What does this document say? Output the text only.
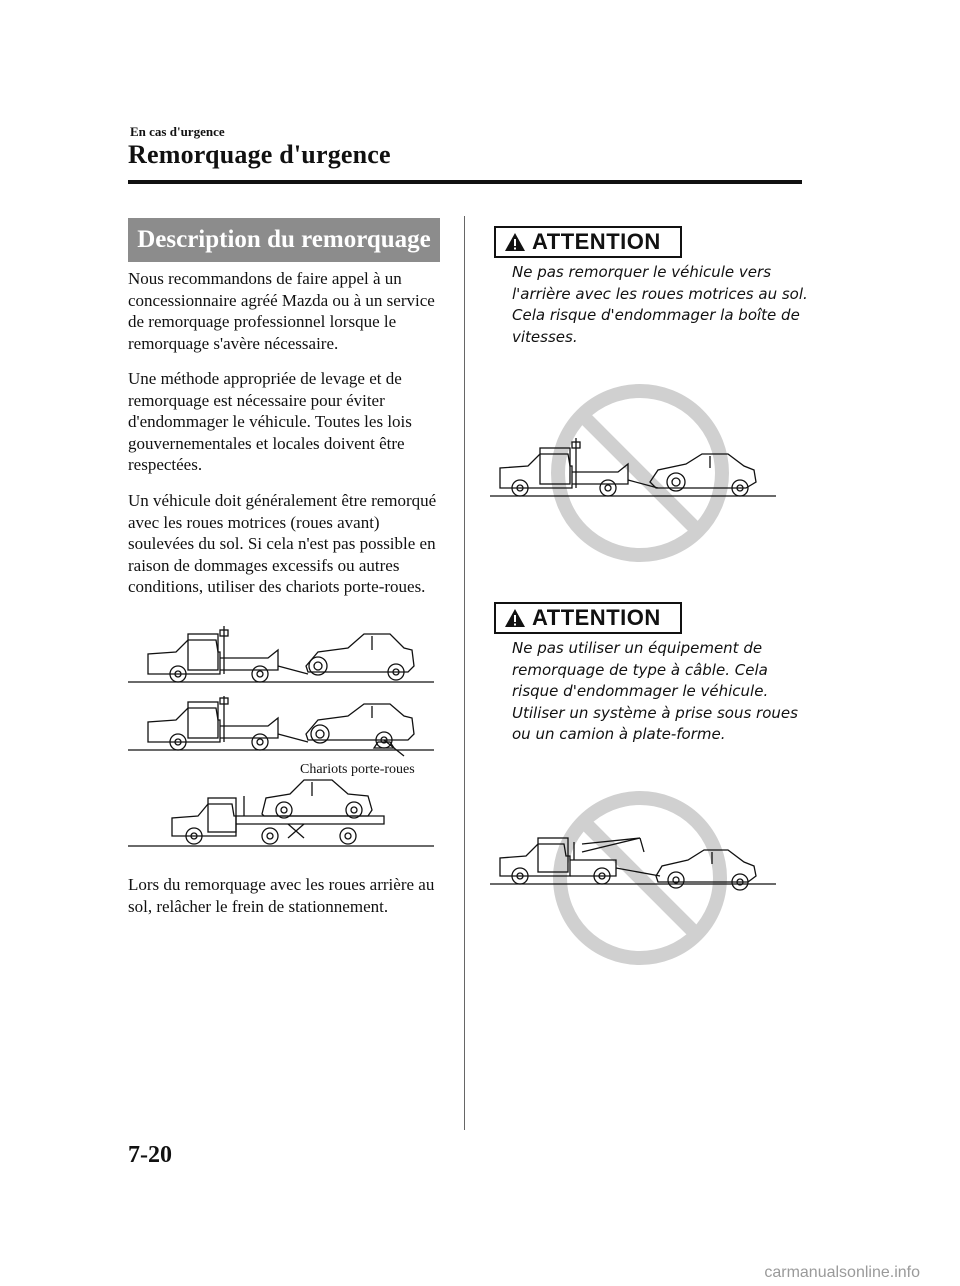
En cas d'urgence
Remorquage d'urgence
Description du remorquage

Nous recommandons de faire appel à un concessionnaire agréé Mazda ou à un service de remorquage professionnel lorsque le remorquage s'avère nécessaire.

Une méthode appropriée de levage et de remorquage est nécessaire pour éviter d'endommager le véhicule. Toutes les lois gouvernementales et locales doivent être respectées.

Un véhicule doit généralement être remorqué avec les roues motrices (roues avant) soulevées du sol. Si cela n'est pas possible en raison de dommages excessifs ou autres conditions, utiliser des chariots porte-roues.

Chariots porte-roues

Lors du remorquage avec les roues arrière au sol, relâcher le frein de stationnement.

ATTENTION

Ne pas remorquer le véhicule vers l'arrière avec les roues motrices au sol. Cela risque d'endommager la boîte de vitesses.

ATTENTION

Ne pas utiliser un équipement de remorquage de type à câble. Cela risque d'endommager le véhicule. Utiliser un système à prise sous roues ou un camion à plate-forme.

7-20
carmanualsonline.info
